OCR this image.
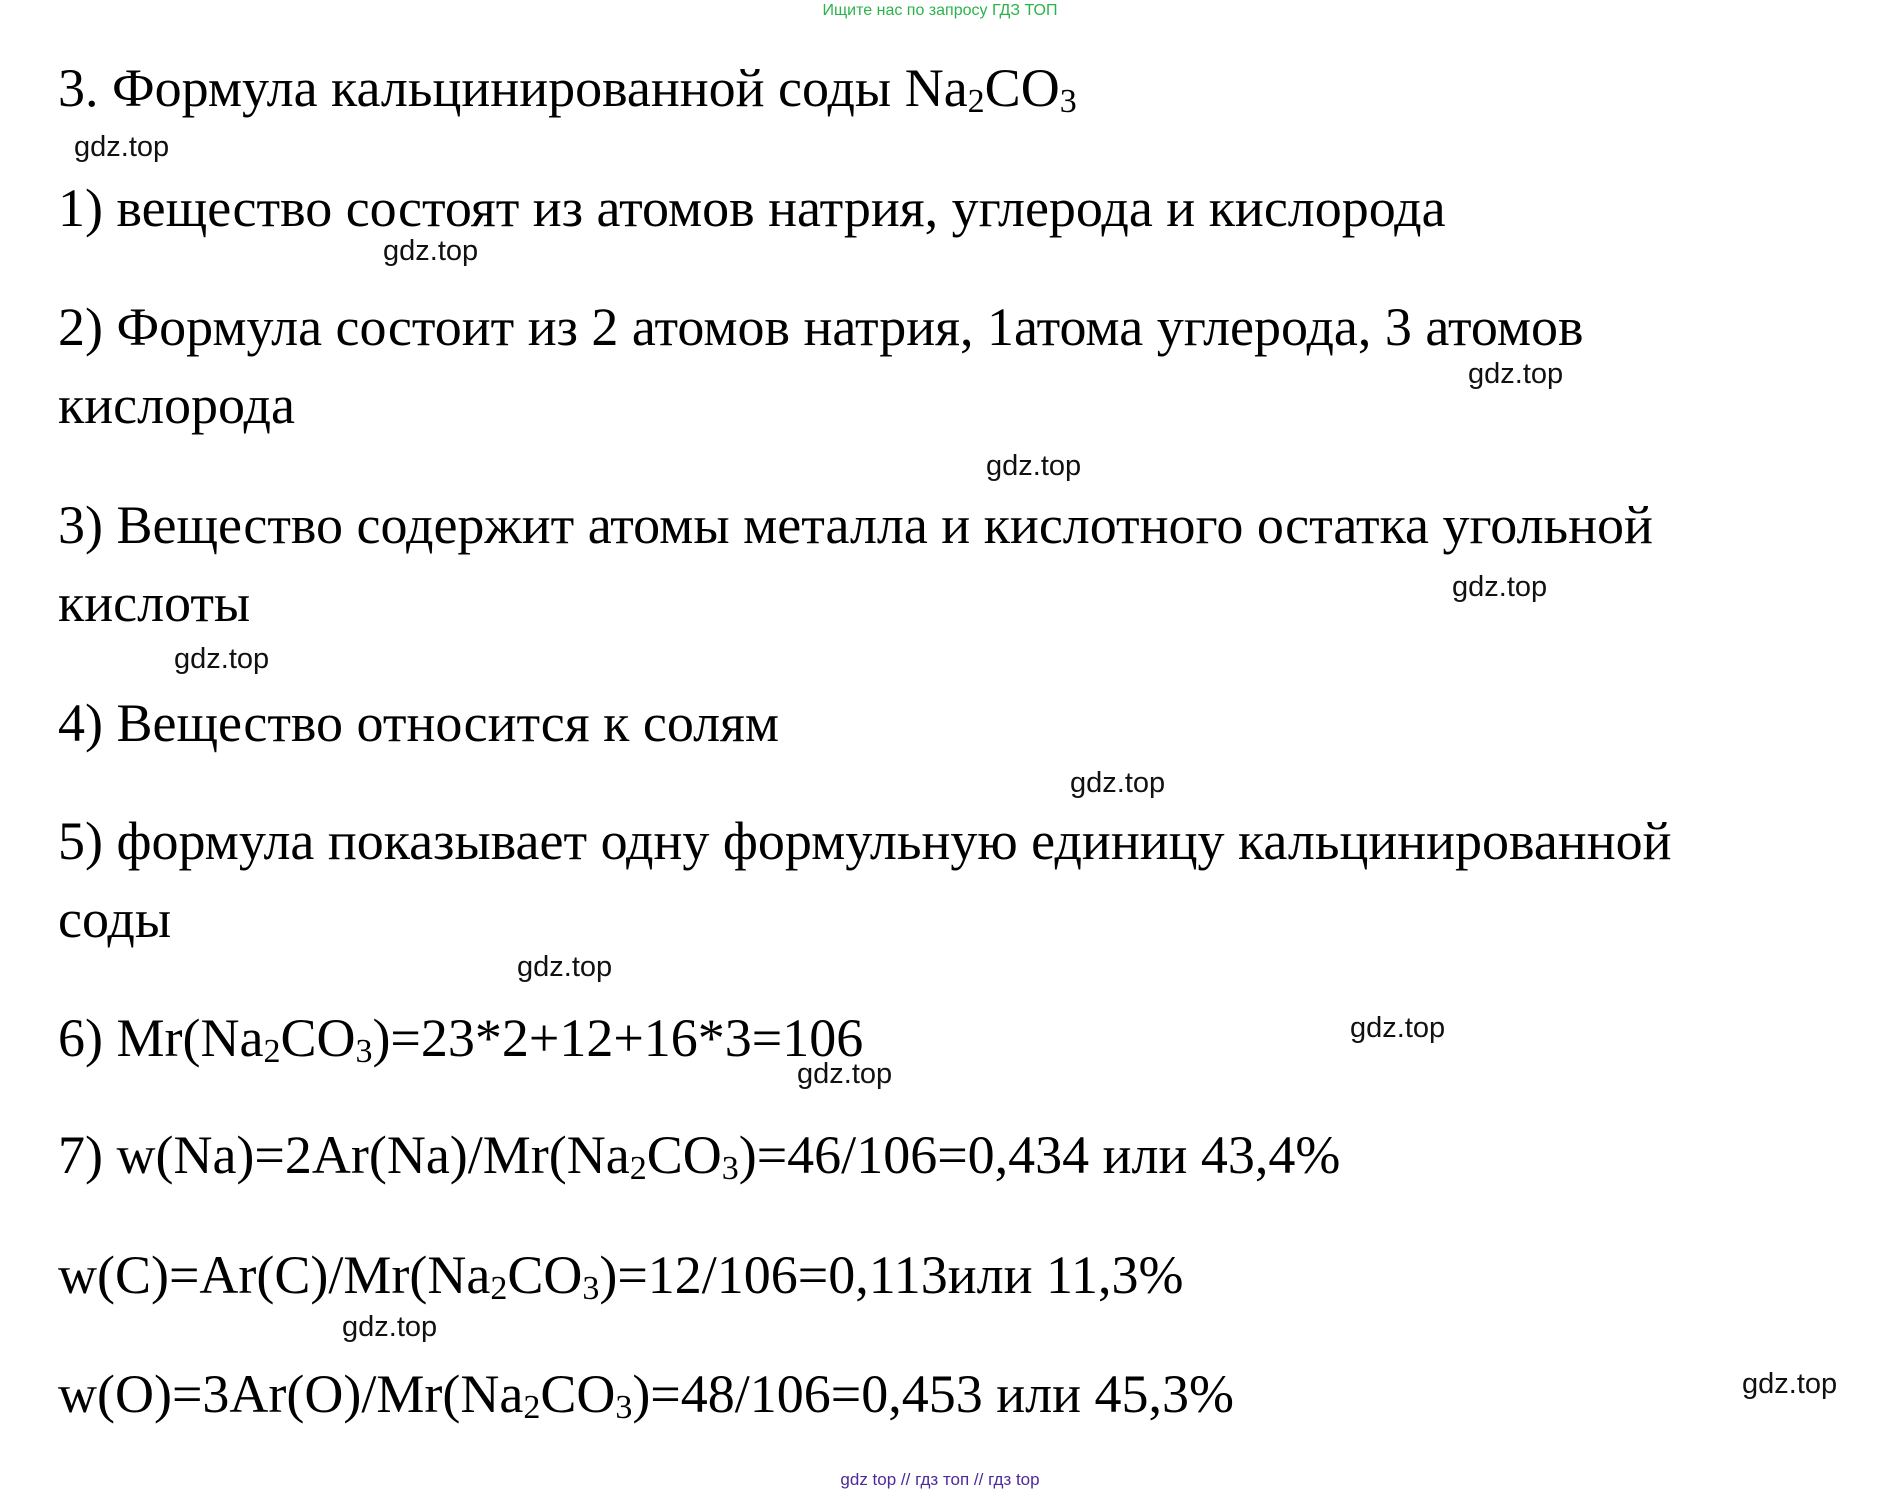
Ищите нас по запросу ГДЗ ТОП
3. Формула кальцинированной соды $Na_2CO_3$
1) вещество состоят из атомов натрия, углерода и кислорода
2) Формула состоит из 2 атомов натрия, 1атома углерода, 3 атомов
кислорода
3) Вещество содержит атомы металла и кислотного остатка угольной
кислоты
4) Вещество относится к солям
5) формула показывает одну формульную единицу кальцинированной
соды
6) $Mr(Na_2CO_3)=23*2+12+16*3=106$
7) $w(Na)=2Ar(Na)/Mr(Na_2CO_3)=46/106=0,434$ или 43,4%
$w(C)=Ar(C)/Mr(Na_2CO_3)=12/106=0,113или$ 11,3%
$w(O)=3Ar(O)/Mr(Na_2CO_3)=48/106=0,453$ или 45,3%
gdz.top
gdz.top
gdz.top
gdz.top
gdz.top
gdz.top
gdz.top
gdz.top
gdz.top
gdz.top
gdz.top
gdz.top
gdz top // гдз топ // гдз top
